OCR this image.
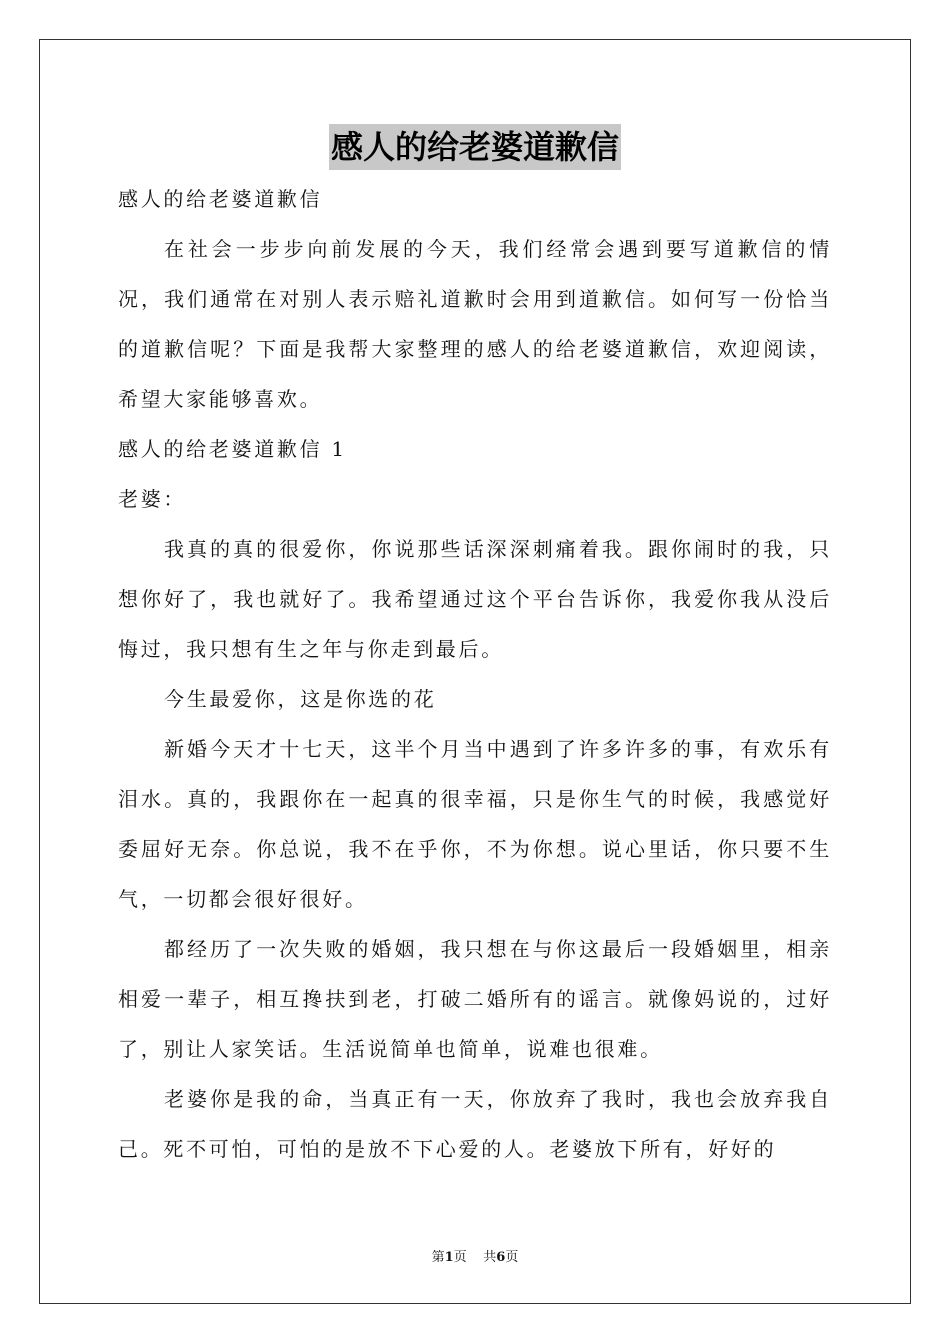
感人的给老婆道歉信

感人的给老婆道歉信

在社会一步步向前发展的今天，我们经常会遇到要写道歉信的情况，我们通常在对别人表示赔礼道歉时会用到道歉信。如何写一份恰当的道歉信呢？下面是我帮大家整理的感人的给老婆道歉信，欢迎阅读，希望大家能够喜欢。

感人的给老婆道歉信 1

老婆：

我真的真的很爱你，你说那些话深深刺痛着我。跟你闹时的我，只想你好了，我也就好了。我希望通过这个平台告诉你，我爱你我从没后悔过，我只想有生之年与你走到最后。

今生最爱你，这是你选的花

新婚今天才十七天，这半个月当中遇到了许多许多的事，有欢乐有泪水。真的，我跟你在一起真的很幸福，只是你生气的时候，我感觉好委屈好无奈。你总说，我不在乎你，不为你想。说心里话，你只要不生气，一切都会很好很好。

都经历了一次失败的婚姻，我只想在与你这最后一段婚姻里，相亲相爱一辈子，相互搀扶到老，打破二婚所有的谣言。就像妈说的，过好了，别让人家笑话。生活说简单也简单，说难也很难。

老婆你是我的命，当真正有一天，你放弃了我时，我也会放弃我自己。死不可怕，可怕的是放不下心爱的人。老婆放下所有，好好的

第1页 共6页
